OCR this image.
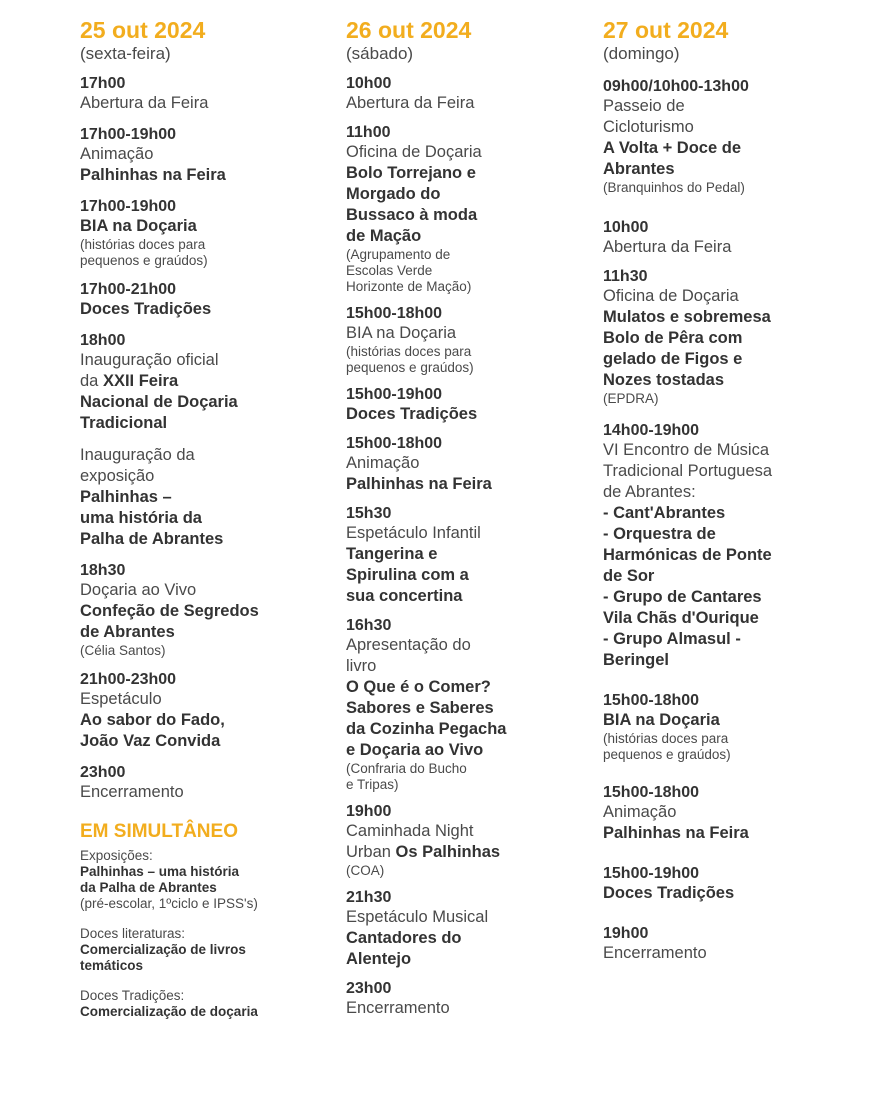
25 out 2024
(sexta-feira)
17h00
Abertura da Feira
17h00-19h00
Animação
Palhinhas na Feira
17h00-19h00
BIA na Doçaria
(histórias doces para
pequenos e graúdos)
17h00-21h00
Doces Tradições
18h00
Inauguração oficial
da XXII Feira
Nacional de Doçaria
Tradicional
Inauguração da
exposição
Palhinhas –
uma história da
Palha de Abrantes
18h30
Doçaria ao Vivo
Confeção de Segredos
de Abrantes
(Célia Santos)
21h00-23h00
Espetáculo
Ao sabor do Fado,
João Vaz Convida
23h00
Encerramento
EM SIMULTÂNEO
Exposições:
Palhinhas – uma história
da Palha de Abrantes
(pré-escolar, 1ºciclo e IPSS's)
Doces literaturas:
Comercialização de livros
temáticos
Doces Tradições:
Comercialização de doçaria
26 out 2024
(sábado)
10h00
Abertura da Feira
11h00
Oficina de Doçaria
Bolo Torrejano e
Morgado do
Bussaco à moda
de Mação
(Agrupamento de
Escolas Verde
Horizonte de Mação)
15h00-18h00
BIA na Doçaria
(histórias doces para
pequenos e graúdos)
15h00-19h00
Doces Tradições
15h00-18h00
Animação
Palhinhas na Feira
15h30
Espetáculo Infantil
Tangerina e
Spirulina com a
sua concertina
16h30
Apresentação do
livro
O Que é o Comer?
Sabores e Saberes
da Cozinha Pegacha
e Doçaria ao Vivo
(Confraria do Bucho
e Tripas)
19h00
Caminhada Night
Urban Os Palhinhas
(COA)
21h30
Espetáculo Musical
Cantadores do
Alentejo
23h00
Encerramento
27 out 2024
(domingo)
09h00/10h00-13h00
Passeio de
Cicloturismo
A Volta + Doce de
Abrantes
(Branquinhos do Pedal)
10h00
Abertura da Feira
11h30
Oficina de Doçaria
Mulatos e sobremesa
Bolo de Pêra com
gelado de Figos e
Nozes tostadas
(EPDRA)
14h00-19h00
VI Encontro de Música
Tradicional Portuguesa
de Abrantes:
- Cant'Abrantes
- Orquestra de
Harmónicas de Ponte
de Sor
- Grupo de Cantares
Vila Chãs d'Ourique
- Grupo Almasul -
Beringel
15h00-18h00
BIA na Doçaria
(histórias doces para
pequenos e graúdos)
15h00-18h00
Animação
Palhinhas na Feira
15h00-19h00
Doces Tradições
19h00
Encerramento
